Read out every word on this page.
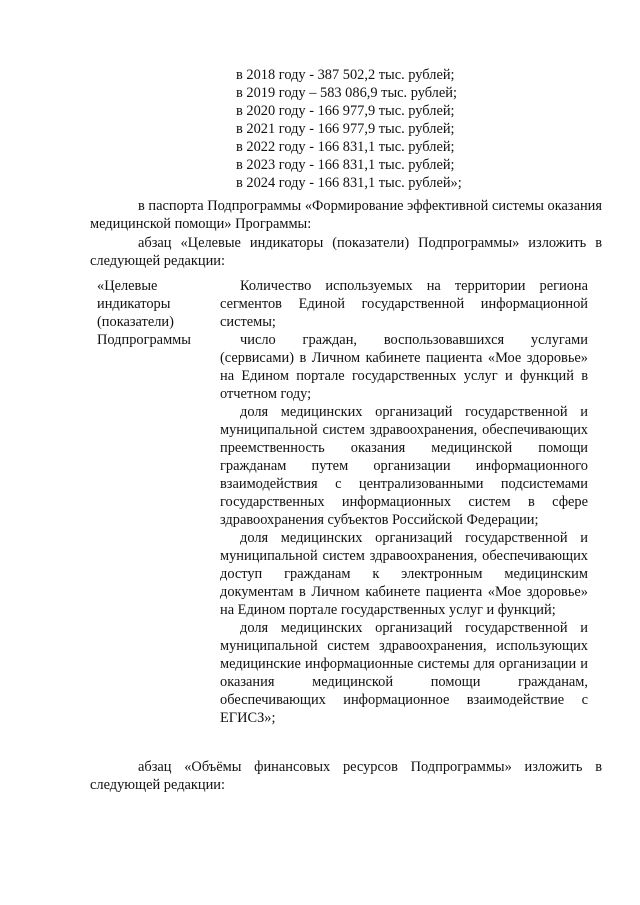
в 2018 году - 387 502,2 тыс. рублей;
в 2019 году – 583 086,9 тыс. рублей;
в 2020 году - 166 977,9 тыс. рублей;
в 2021 году - 166 977,9 тыс. рублей;
в 2022 году - 166 831,1 тыс. рублей;
в 2023 году - 166 831,1 тыс. рублей;
в 2024 году - 166 831,1 тыс. рублей»;

в паспорта Подпрограммы «Формирование эффективной системы оказания медицинской помощи» Программы:

абзац «Целевые индикаторы (показатели) Подпрограммы» изложить в следующей редакции:

«Целевые
индикаторы
(показатели)
Подпрограммы

Количество используемых на территории региона сегментов Единой государственной информационной системы;

число граждан, воспользовавшихся услугами (сервисами) в Личном кабинете пациента «Мое здоровье» на Едином портале государственных услуг и функций в отчетном году;

доля медицинских организаций государственной и муниципальной систем здравоохранения, обеспечивающих преемственность оказания медицинской помощи гражданам путем организации информационного взаимодействия с централизованными подсистемами государственных информационных систем в сфере здравоохранения субъектов Российской Федерации;

доля медицинских организаций государственной и муниципальной систем здравоохранения, обеспечивающих доступ гражданам к электронным медицинским документам в Личном кабинете пациента «Мое здоровье» на Едином портале государственных услуг и функций;

доля медицинских организаций государственной и муниципальной систем здравоохранения, использующих медицинские информационные системы для организации и оказания медицинской помощи гражданам, обеспечивающих информационное взаимодействие с ЕГИСЗ»;

абзац «Объёмы финансовых ресурсов Подпрограммы» изложить в следующей редакции:
